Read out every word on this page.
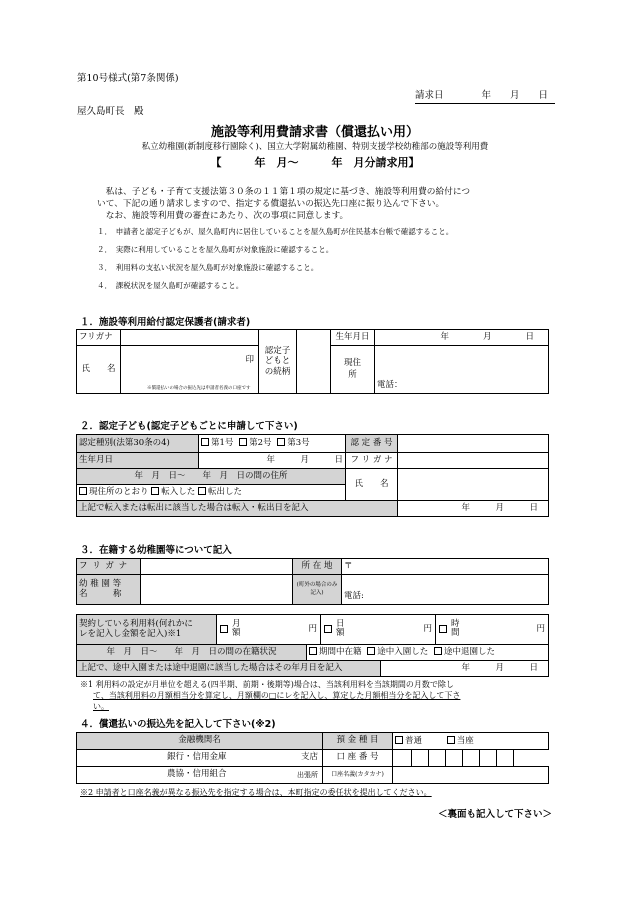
第10号様式(第7条関係)
請求日　　　　年　　月　　日
屋久島町長　殿
施設等利用費請求書（償還払い用）
私立幼稚園(新制度移行園除く)、国立大学附属幼稚園、特別支援学校幼稚部の施設等利用費
【　　　年　月～　　　年　月分請求用】
　私は、子ども・子育て支援法第３０条の１１第１項の規定に基づき、施設等利用費の給付につ
いて、下記の通り請求しますので、指定する償還払いの振込先口座に振り込んで下さい。
　なお、施設等利用費の審査にあたり、次の事項に同意します。
１．　申請者と認定子どもが、屋久島町内に居住していることを屋久島町が住民基本台帳で確認すること。
２．　実際に利用していることを屋久島町が対象施設に確認すること。
３．　利用料の支払い状況を屋久島町が対象施設に確認すること。
４．　課税状況を屋久島町が確認すること。
１．施設等利用給付認定保護者(請求者)
フリガナ		認定子どもとの続柄		生年月日	年　　　　月　　　　日
氏　　名	印
※償還払いの場合の振込先は申請者名義の口座です			現住所	電話：
２．認定子ども(認定子どもごとに申請して下さい)
認定種別(法第30条の4)	第1号 第2号 第3号	認 定 番 号	
生年月日	年　　　月　　　日	フ リ ガ ナ	
年　月　日～　　年　月　日の間の住所		氏　　名	
現住所のとおり 転入した 転出した			
上記で転入または転出に該当した場合は転入・転出日を記入			年　　　月　　　日
３．在籍する幼稚園等について記入
フ リ ガ ナ		所 在 地	〒

幼 稚 園 等
名　　　称		(町外の場合のみ記入)	電話:
契約している利用料(何れかに
レを記入し金額を記入)※1

月額	円	日額	円	時間	円
年　月　日～　　年　月　日の間の在籍状況	期間中在籍 途中入園した 途中退園した
上記で、途中入園または途中退園に該当した場合はその年月日を記入	年　　　月　　　日
※1 利用料の設定が月単位を超える(四半期、前期・後期等)場合は、当該利用料を当該期間の月数で除し
て、当該利用料の月額相当分を算定し、月額欄の□にレを記入し、算定した月額相当分を記入して下さ
い。
４．償還払いの振込先を記入して下さい(※2)
金融機関名	預 金 種 目	普通 当座							

銀行・信用金庫 支店	口 座 番 号								

農協・信用組合 出張所	口座名義(カタカナ)								
※2 申請者と口座名義が異なる振込先を指定する場合は、本町指定の委任状を提出してください。
＜裏面も記入して下さい＞
